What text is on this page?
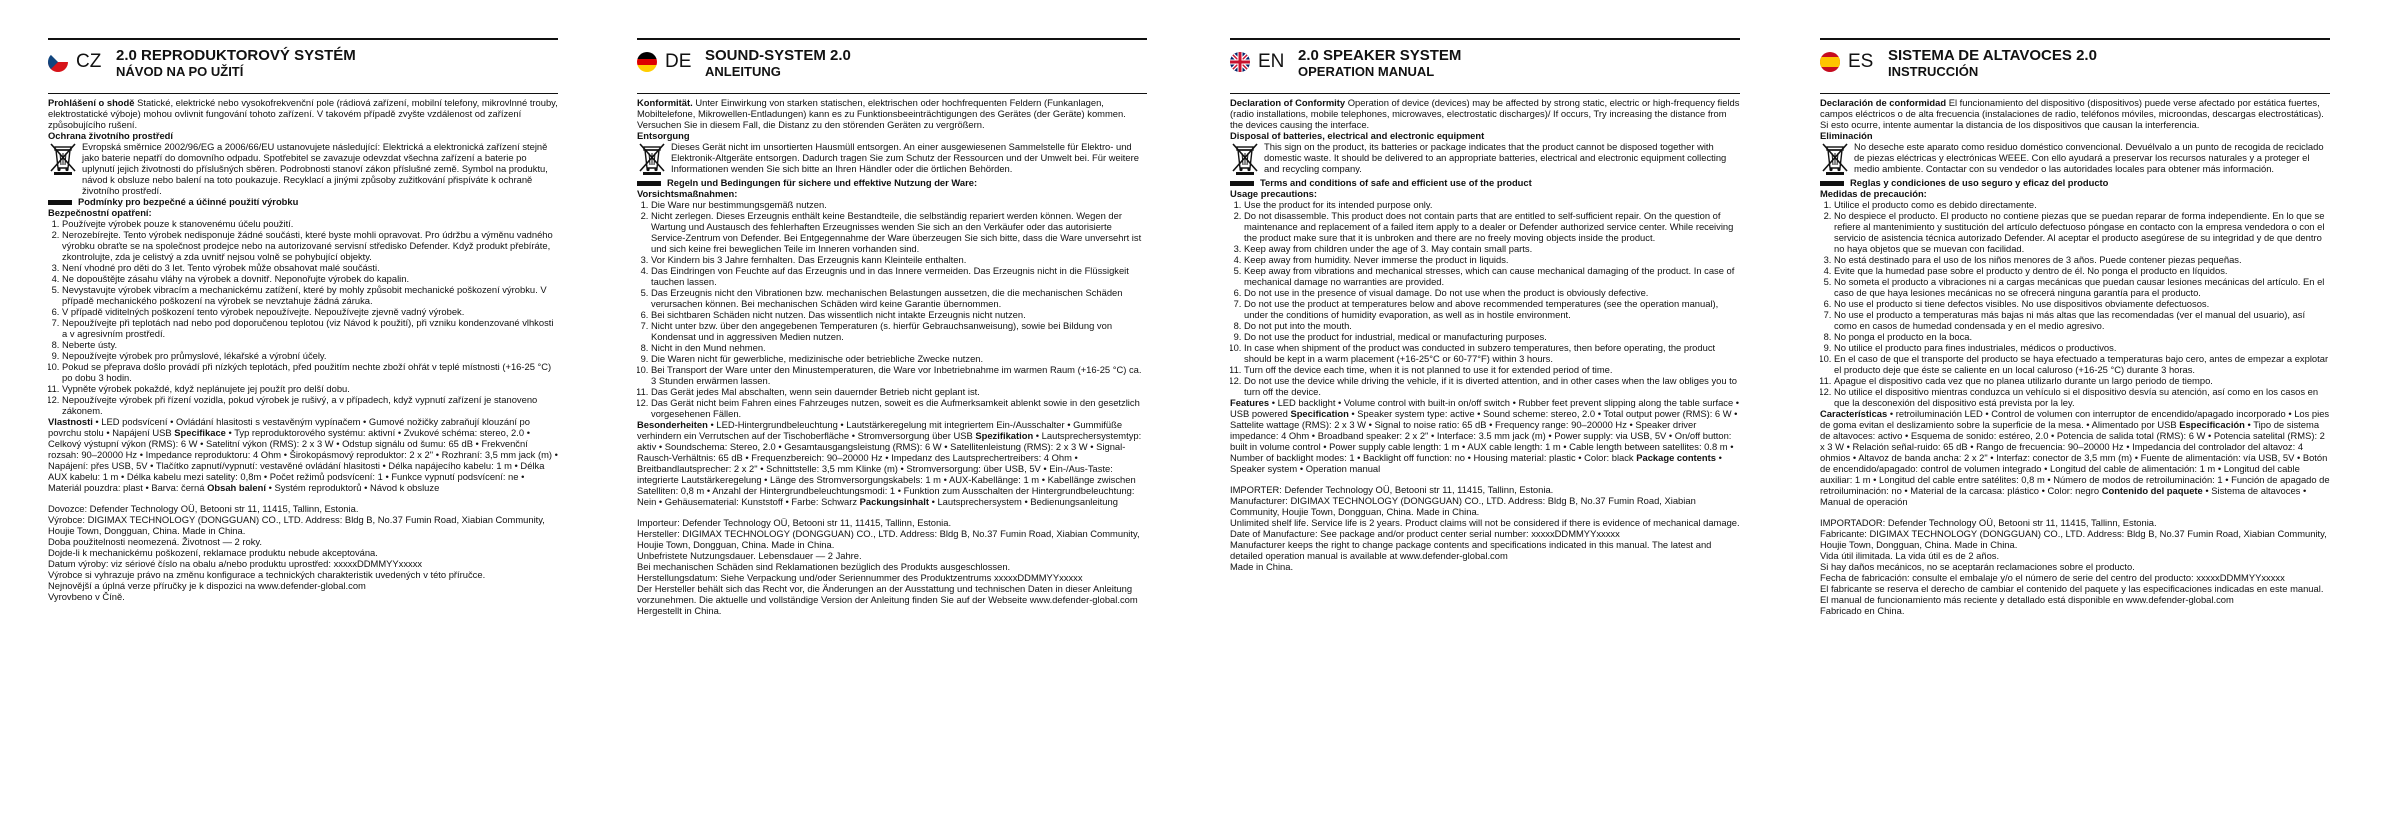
CZ 2.0 REPRODUKTOROVÝ SYSTÉM
NÁVOD NA PO UŽITÍ
Prohlášení o shodě Statické, elektrické nebo vysokofrekvenční pole (rádiová zařízení, mobilní telefony, mikrovlnné trouby, elektrostatické výboje) mohou ovlivnit fungování tohoto zařízení. V takovém případě zvyšte vzdálenost od zařízení způsobujícího rušení.
Ochrana životního prostředí
Evropská směrnice 2002/96/EG a 2006/66/EU ustanovujete následující: Elektrická a elektronická zařízení stejně jako baterie nepatří do domovního odpadu. Spotřebitel se zavazuje odevzdat všechna zařízení a baterie po uplynutí jejich životnosti do příslušných sběren. Podrobnosti stanoví zákon příslušné země. Symbol na produktu, návod k obsluze nebo balení na toto poukazuje. Recyklací a jinými způsoby zužitkování přispíváte k ochraně životního prostředí.
Podmínky pro bezpečné a účinné použití výrobku
Bezpečnostní opatření:
1. Používejte výrobek pouze k stanovenému účelu použití.
2. Nerozebírejte. Tento výrobek nedisponuje žádné součásti, které byste mohli opravovat. Pro údržbu a výměnu vadného výrobku obraťte se na společnost prodejce nebo na autorizované servisní středisko Defender. Když produkt přebíráte, zkontrolujte, zda je celistvý a zda uvnitř nejsou volně se pohybující objekty.
3. Není vhodné pro děti do 3 let. Tento výrobek může obsahovat malé součásti.
4. Ne dopouštějte zásahu vláhy na výrobek a dovnitř. Neponořujte výrobek do kapalin.
5. Nevystavujte výrobek vibracím a mechanickému zatížení, které by mohly způsobit mechanické poškození výrobku. V případě mechanického poškození na výrobek se nevztahuje žádná záruka.
6. V případě viditelných poškození tento výrobek nepoužívejte. Nepoužívejte zjevně vadný výrobek.
7. Nepoužívejte při teplotách nad nebo pod doporučenou teplotou (viz Návod k použití), při vzniku kondenzované vlhkosti a v agresivním prostředí.
8. Neberte ústy.
9. Nepoužívejte výrobek pro průmyslové, lékařské a výrobní účely.
10. Pokud se přeprava došlo provádí při nízkých teplotách, před použitím nechte zboží ohřát v teplé místnosti (+16-25 °C) po dobu 3 hodin.
11. Vypněte výrobek pokaždé, když neplánujete jej použít pro delší dobu.
12. Nepoužívejte výrobek při řízení vozidla, pokud výrobek je rušivý, a v případech, když vypnutí zařízení je stanoveno zákonem.
Vlastnosti • LED podsvícení • Ovládání hlasitosti s vestavěným vypínačem • Gumové nožičky zabraňují klouzání po povrchu stolu • Napájení USB Specifikace • Typ reproduktorového systému: aktivní • Zvukové schéma: stereo, 2.0 • Celkový výstupní výkon (RMS): 6 W • Satelitní výkon (RMS): 2 x 3 W • Odstup signálu od šumu: 65 dB • Frekvenční rozsah: 90–20000 Hz • Impedance reproduktoru: 4 Ohm • Širokopásmový reproduktor: 2 x 2" • Rozhraní: 3,5 mm jack (m) • Napájení: přes USB, 5V • Tlačítko zapnutí/vypnutí: vestavěné ovládání hlasitosti • Délka napájecího kabelu: 1 m • Délka AUX kabelu: 1 m • Délka kabelu mezi satelity: 0,8m • Počet režimů podsvícení: 1 • Funkce vypnutí podsvícení: ne • Materiál pouzdra: plast • Barva: černá Obsah balení • Systém reproduktorů • Návod k obsluze
Dovozce: Defender Technology OÜ, Betooni str 11, 11415, Tallinn, Estonia.
Výrobce: DIGIMAX TECHNOLOGY (DONGGUAN) CO., LTD. Address: Bldg B, No.37 Fumin Road, Xiabian Community, Houjie Town, Dongguan, China. Made in China.
Doba použitelnosti neomezená. Životnost — 2 roky.
Dojde-li k mechanickému poškození, reklamace produktu nebude akceptována.
Datum výroby: viz sériové číslo na obalu a/nebo produktu uprostřed: xxxxxDDMMYYxxxxx
Výrobce si vyhrazuje právo na změnu konfigurace a technických charakteristik uvedených v této příručce.
Nejnovější a úplná verze příručky je k dispozici na www.defender-global.com
Vyrovbeno v Číně.
DE SOUND-SYSTEM 2.0
ANLEITUNG
Konformität. Unter Einwirkung von starken statischen, elektrischen oder hochfrequenten Feldern (Funkanlagen, Mobiltelefone, Mikrowellen-Entladungen) kann es zu Funktionsbeeinträchtigungen des Gerätes (der Geräte) kommen. Versuchen Sie in diesem Fall, die Distanz zu den störenden Geräten zu vergrößern.
Entsorgung
Dieses Gerät nicht im unsortierten Hausmüll entsorgen. An einer ausgewiesenen Sammelstelle für Elektro- und Elektronik-Altgeräte entsorgen. Dadurch tragen Sie zum Schutz der Ressourcen und der Umwelt bei. Für weitere Informationen wenden Sie sich bitte an Ihren Händler oder die örtlichen Behörden.
Regeln und Bedingungen für sichere und effektive Nutzung der Ware:
Vorsichtsmaßnahmen:
1. Die Ware nur bestimmungsgemäß nutzen.
2. Nicht zerlegen. Dieses Erzeugnis enthält keine Bestandteile, die selbständig repariert werden können. Wegen der Wartung und Austausch des fehlerhaften Erzeugnisses wenden Sie sich an den Verkäufer oder das autorisierte Service-Zentrum von Defender. Bei Entgegennahme der Ware überzeugen Sie sich bitte, dass die Ware unversehrt ist und sich keine frei beweglichen Teile im Inneren vorhanden sind.
3. Vor Kindern bis 3 Jahre fernhalten. Das Erzeugnis kann Kleinteile enthalten.
4. Das Eindringen von Feuchte auf das Erzeugnis und in das Innere vermeiden. Das Erzeugnis nicht in die Flüssigkeit tauchen lassen.
5. Das Erzeugnis nicht den Vibrationen bzw. mechanischen Belastungen aussetzen, die die mechanischen Schäden verursachen können. Bei mechanischen Schäden wird keine Garantie übernommen.
6. Bei sichtbaren Schäden nicht nutzen. Das wissentlich nicht intakte Erzeugnis nicht nutzen.
7. Nicht unter bzw. über den angegebenen Temperaturen (s. hierfür Gebrauchsanweisung), sowie bei Bildung von Kondensat und in aggressiven Medien nutzen.
8. Nicht in den Mund nehmen.
9. Die Waren nicht für gewerbliche, medizinische oder betriebliche Zwecke nutzen.
10. Bei Transport der Ware unter den Minustemperaturen, die Ware vor Inbetriebnahme im warmen Raum (+16-25 °C) ca. 3 Stunden erwärmen lassen.
11. Das Gerät jedes Mal abschalten, wenn sein dauernder Betrieb nicht geplant ist.
12. Das Gerät nicht beim Fahren eines Fahrzeuges nutzen, soweit es die Aufmerksamkeit ablenkt sowie in den gesetzlich vorgesehenen Fällen.
Besonderheiten • LED-Hintergrundbeleuchtung • Lautstärkeregelung mit integriertem Ein-/Ausschalter • Gummifüße verhindern ein Verrutschen auf der Tischoberfläche • Stromversorgung über USB Spezifikation • Lautsprechersystemtyp: aktiv • Soundschema: Stereo, 2.0 • Gesamtausgangsleistung (RMS): 6 W • Satellitenleistung (RMS): 2 x 3 W • Signal-Rausch-Verhältnis: 65 dB • Frequenzbereich: 90–20000 Hz • Impedanz des Lautsprechertreibers: 4 Ohm • Breitbandlautsprecher: 2 x 2" • Schnittstelle: 3,5 mm Klinke (m) • Stromversorgung: über USB, 5V • Ein-/Aus-Taste: integrierte Lautstärkeregelung • Länge des Stromversorgungskabels: 1 m • AUX-Kabellänge: 1 m • Kabellänge zwischen Satelliten: 0,8 m • Anzahl der Hintergrundbeleuchtungsmodi: 1 • Funktion zum Ausschalten der Hintergrundbeleuchtung: Nein • Gehäusematerial: Kunststoff • Farbe: Schwarz Packungsinhalt • Lautsprechersystem • Bedienungsanleitung
Importeur: Defender Technology OÜ, Betooni str 11, 11415, Tallinn, Estonia.
Hersteller: DIGIMAX TECHNOLOGY (DONGGUAN) CO., LTD. Address: Bldg B, No.37 Fumin Road, Xiabian Community, Houjie Town, Dongguan, China. Made in China.
Unbefristete Nutzungsdauer. Lebensdauer — 2 Jahre.
Bei mechanischen Schäden sind Reklamationen bezüglich des Produkts ausgeschlossen.
Herstellungsdatum: Siehe Verpackung und/oder Seriennummer des Produktzentrums xxxxxDDMMYYxxxxx
Der Hersteller behält sich das Recht vor, die Änderungen an der Ausstattung und technischen Daten in dieser Anleitung vorzunehmen. Die aktuelle und vollständige Version der Anleitung finden Sie auf der Webseite www.defender-global.com
Hergestellt in China.
EN 2.0 SPEAKER SYSTEM
OPERATION MANUAL
Declaration of Conformity Operation of device (devices) may be affected by strong static, electric or high-frequency fields (radio installations, mobile telephones, microwaves, electrostatic discharges)/ If occurs, Try increasing the distance from the devices causing the interface.
Disposal of batteries, electrical and electronic equipment
This sign on the product, its batteries or package indicates that the product cannot be disposed together with domestic waste. It should be delivered to an appropriate batteries, electrical and electronic equipment collecting and recycling company.
Terms and conditions of safe and efficient use of the product
Usage precautions:
1. Use the product for its intended purpose only.
2. Do not disassemble. This product does not contain parts that are entitled to self-sufficient repair. On the question of maintenance and replacement of a failed item apply to a dealer or Defender authorized service center. While receiving the product make sure that it is unbroken and there are no freely moving objects inside the product.
3. Keep away from children under the age of 3. May contain small parts.
4. Keep away from humidity. Never immerse the product in liquids.
5. Keep away from vibrations and mechanical stresses, which can cause mechanical damaging of the product. In case of mechanical damage no warranties are provided.
6. Do not use in the presence of visual damage. Do not use when the product is obviously defective.
7. Do not use the product at temperatures below and above recommended temperatures (see the operation manual), under the conditions of humidity evaporation, as well as in hostile environment.
8. Do not put into the mouth.
9. Do not use the product for industrial, medical or manufacturing purposes.
10. In case when shipment of the product was conducted in subzero temperatures, then before operating, the product should be kept in a warm placement (+16-25°C or 60-77°F) within 3 hours.
11. Turn off the device each time, when it is not planned to use it for extended period of time.
12. Do not use the device while driving the vehicle, if it is diverted attention, and in other cases when the law obliges you to turn off the device.
Features • LED backlight • Volume control with built-in on/off switch • Rubber feet prevent slipping along the table surface • USB powered Specification • Speaker system type: active • Sound scheme: stereo, 2.0 • Total output power (RMS): 6 W • Sattelite wattage (RMS): 2 x 3 W • Signal to noise ratio: 65 dB • Frequency range: 90–20000 Hz • Speaker driver impedance: 4 Ohm • Broadband speaker: 2 x 2" • Interface: 3.5 mm jack (m) • Power supply: via USB, 5V • On/off button: built in volume control • Power supply cable length: 1 m • AUX cable length: 1 m • Cable length between satellites: 0.8 m • Number of backlight modes: 1 • Backlight off function: no • Housing material: plastic • Color: black Package contents • Speaker system • Operation manual
IMPORTER: Defender Technology OÜ, Betooni str 11, 11415, Tallinn, Estonia.
Manufacturer: DIGIMAX TECHNOLOGY (DONGGUAN) CO., LTD. Address: Bldg B, No.37 Fumin Road, Xiabian Community, Houjie Town, Dongguan, China. Made in China.
Unlimited shelf life. Service life is 2 years. Product claims will not be considered if there is evidence of mechanical damage.
Date of Manufacture: See package and/or product center serial number: xxxxxDDMMYYxxxxx
Manufacturer keeps the right to change package contents and specifications indicated in this manual. The latest and detailed operation manual is available at www.defender-global.com
Made in China.
ES SISTEMA DE ALTAVOCES 2.0
INSTRUCCIÓN
Declaración de conformidad El funcionamiento del dispositivo (dispositivos) puede verse afectado por estática fuertes, campos eléctricos o de alta frecuencia (instalaciones de radio, teléfonos móviles, microondas, descargas electrostáticas). Si esto ocurre, intente aumentar la distancia de los dispositivos que causan la interferencia.
Eliminación
No deseche este aparato como residuo doméstico convencional. Devuélvalo a un punto de recogida de reciclado de piezas eléctricas y electrónicas WEEE. Con ello ayudará a preservar los recursos naturales y a proteger el medio ambiente. Contactar con su vendedor o las autoridades locales para obtener más información.
Reglas y condiciones de uso seguro y eficaz del producto
Medidas de precaución:
1. Utilice el producto como es debido directamente.
2. No despiece el producto. El producto no contiene piezas que se puedan reparar de forma independiente. En lo que se refiere al mantenimiento y sustitución del artículo defectuoso póngase en contacto con la empresa vendedora o con el servicio de asistencia técnica autorizado Defender. Al aceptar el producto asegúrese de su integridad y de que dentro no haya objetos que se muevan con facilidad.
3. No está destinado para el uso de los niños menores de 3 años. Puede contener piezas pequeñas.
4. Evite que la humedad pase sobre el producto y dentro de él. No ponga el producto en líquidos.
5. No someta el producto a vibraciones ni a cargas mecánicas que puedan causar lesiones mecánicas del artículo. En el caso de que haya lesiones mecánicas no se ofrecerá ninguna garantía para el producto.
6. No use el producto si tiene defectos visibles. No use dispositivos obviamente defectuosos.
7. No use el producto a temperaturas más bajas ni más altas que las recomendadas (ver el manual del usuario), así como en casos de humedad condensada y en el medio agresivo.
8. No ponga el producto en la boca.
9. No utilice el producto para fines industriales, médicos o productivos.
10. En el caso de que el transporte del producto se haya efectuado a temperaturas bajo cero, antes de empezar a explotar el producto deje que éste se caliente en un local caluroso (+16-25 °C) durante 3 horas.
11. Apague el dispositivo cada vez que no planea utilizarlo durante un largo periodo de tiempo.
12. No utilice el dispositivo mientras conduzca un vehículo si el dispositivo desvía su atención, así como en los casos en que la desconexión del dispositivo está prevista por la ley.
Características • retroiluminación LED • Control de volumen con interruptor de encendido/apagado incorporado • Los pies de goma evitan el deslizamiento sobre la superficie de la mesa. • Alimentado por USB Especificación • Tipo de sistema de altavoces: activo • Esquema de sonido: estéreo, 2.0 • Potencia de salida total (RMS): 6 W • Potencia satelital (RMS): 2 x 3 W • Relación señal-ruido: 65 dB • Rango de frecuencia: 90–20000 Hz • Impedancia del controlador del altavoz: 4 ohmios • Altavoz de banda ancha: 2 x 2" • Interfaz: conector de 3,5 mm (m) • Fuente de alimentación: vía USB, 5V • Botón de encendido/apagado: control de volumen integrado • Longitud del cable de alimentación: 1 m • Longitud del cable auxiliar: 1 m • Longitud del cable entre satélites: 0,8 m • Número de modos de retroiluminación: 1 • Función de apagado de retroiluminación: no • Material de la carcasa: plástico • Color: negro Contenido del paquete • Sistema de altavoces • Manual de operación
IMPORTADOR: Defender Technology OÜ, Betooni str 11, 11415, Tallinn, Estonia.
Fabricante: DIGIMAX TECHNOLOGY (DONGGUAN) CO., LTD. Address: Bldg B, No.37 Fumin Road, Xiabian Community, Houjie Town, Dongguan, China. Made in China.
Vida útil ilimitada. La vida útil es de 2 años.
Si hay daños mecánicos, no se aceptarán reclamaciones sobre el producto.
Fecha de fabricación: consulte el embalaje y/o el número de serie del centro del producto: xxxxxDDMMYYxxxxx
El fabricante se reserva el derecho de cambiar el contenido del paquete y las especificaciones indicadas en este manual. El manual de funcionamiento más reciente y detallado está disponible en www.defender-global.com
Fabricado en China.
